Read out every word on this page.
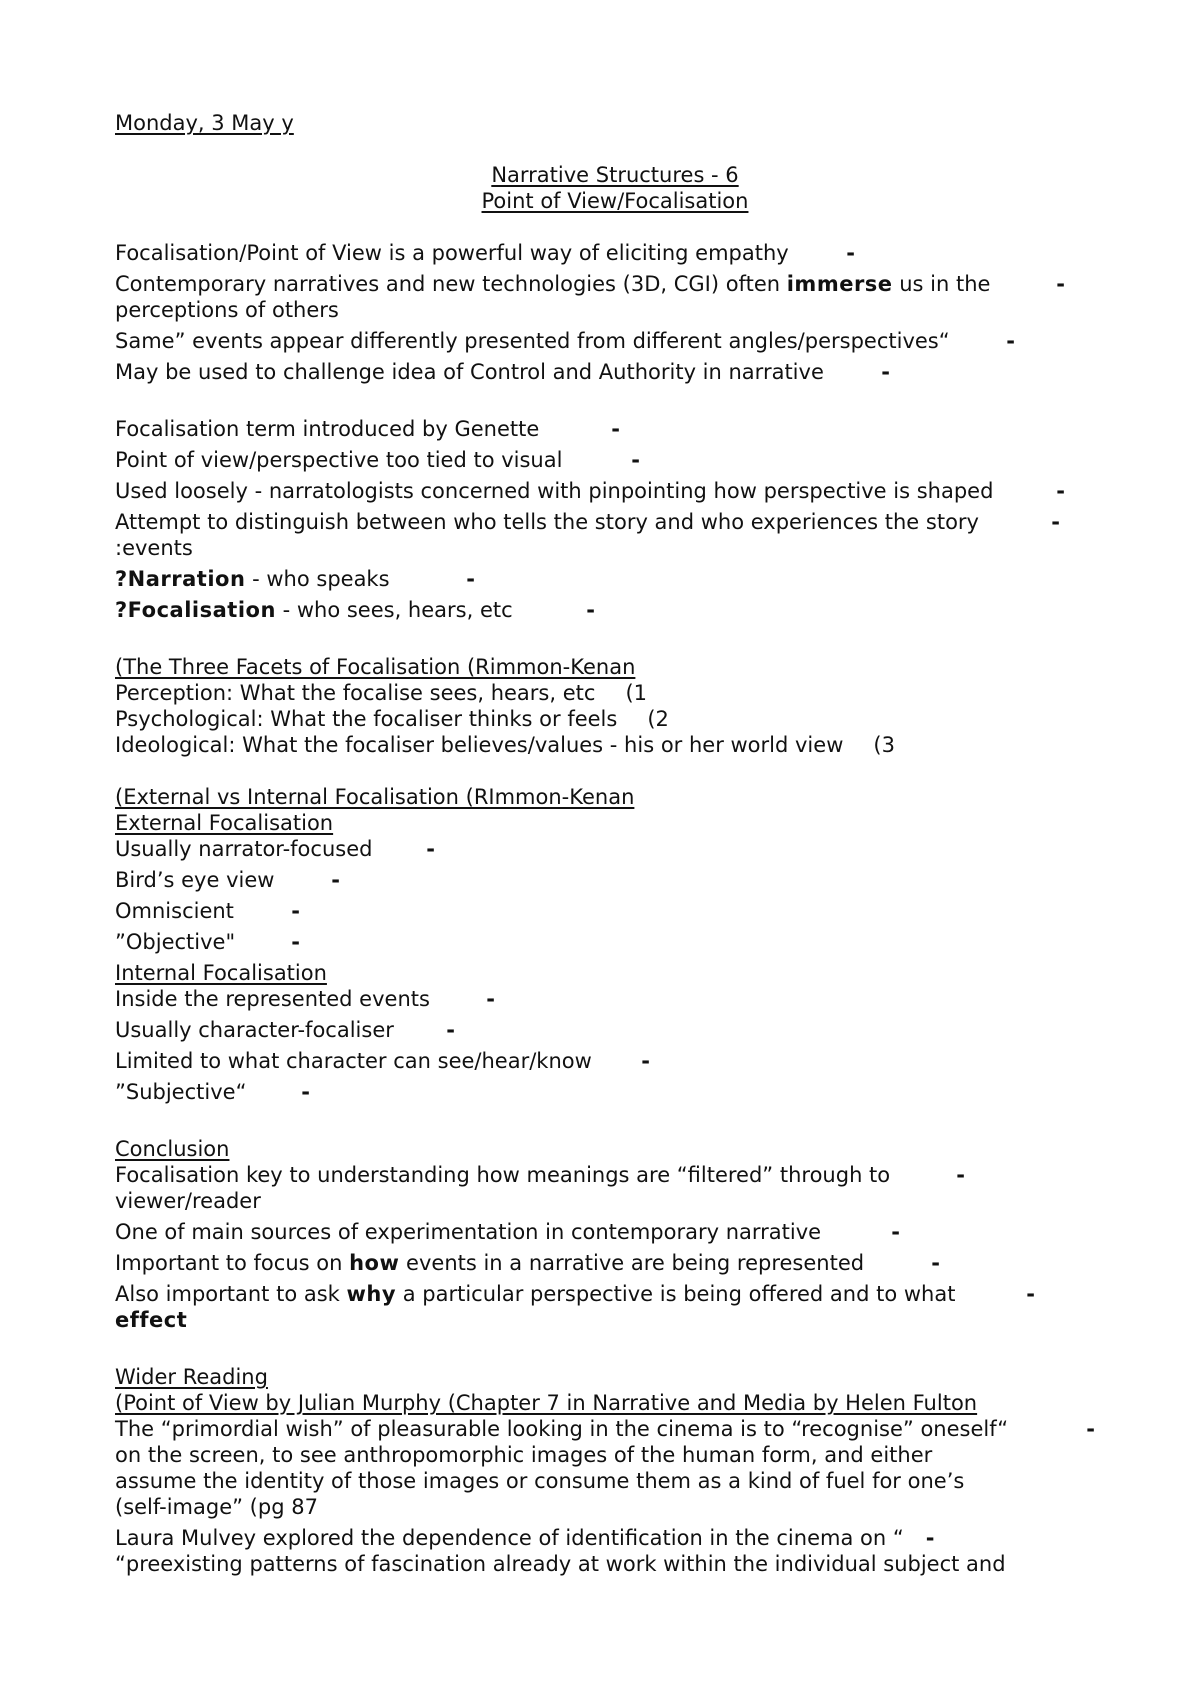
Monday, 3 May y
Narrative Structures - 6
Point of View/Focalisation
Focalisation/Point of View is a powerful way of eliciting empathy	-
Contemporary narratives and new technologies (3D, CGI) often immerse us in the
perceptions of others
-
Same” events appear differently presented from different angles/perspectives“	-
May be used to challenge idea of Control and Authority in narrative	-
Focalisation term introduced by Genette	-
Point of view/perspective too tied to visual	-
Used loosely - narratologists concerned with pinpointing how perspective is shaped	-
Attempt to distinguish between who tells the story and who experiences the story
:events
-
?Narration - who speaks	-
?Focalisation - who sees, hears, etc	-
(The Three Facets of Focalisation (Rimmon-Kenan
Perception: What the focalise sees, hears, etc (1
Psychological: What the focaliser thinks or feels (2
Ideological: What the focaliser believes/values - his or her world view (3
(External vs Internal Focalisation (RImmon-Kenan
External Focalisation
Usually narrator-focused	-
Bird’s eye view	-
Omniscient	-
”Objective"	-
Internal Focalisation
Inside the represented events	-
Usually character-focaliser -
Limited to what character can see/hear/know -
”Subjective“	-
Conclusion
Focalisation key to understanding how meanings are “filtered” through to
viewer/reader
-
One of main sources of experimentation in contemporary narrative	-
Important to focus on how events in a narrative are being represented	-
Also important to ask why a particular perspective is being offered and to what
effect
-
Wider Reading
(Point of View by Julian Murphy (Chapter 7 in Narrative and Media by Helen Fulton
The “primordial wish” of pleasurable looking in the cinema is to “recognise” oneself“
on the screen, to see anthropomorphic images of the human form, and either
assume the identity of those images or consume them as a kind of fuel for one’s
(self-image” (pg 87
-
Laura Mulvey explored the dependence of identification in the cinema on “ -
“preexisting patterns of fascination already at work within the individual subject and
